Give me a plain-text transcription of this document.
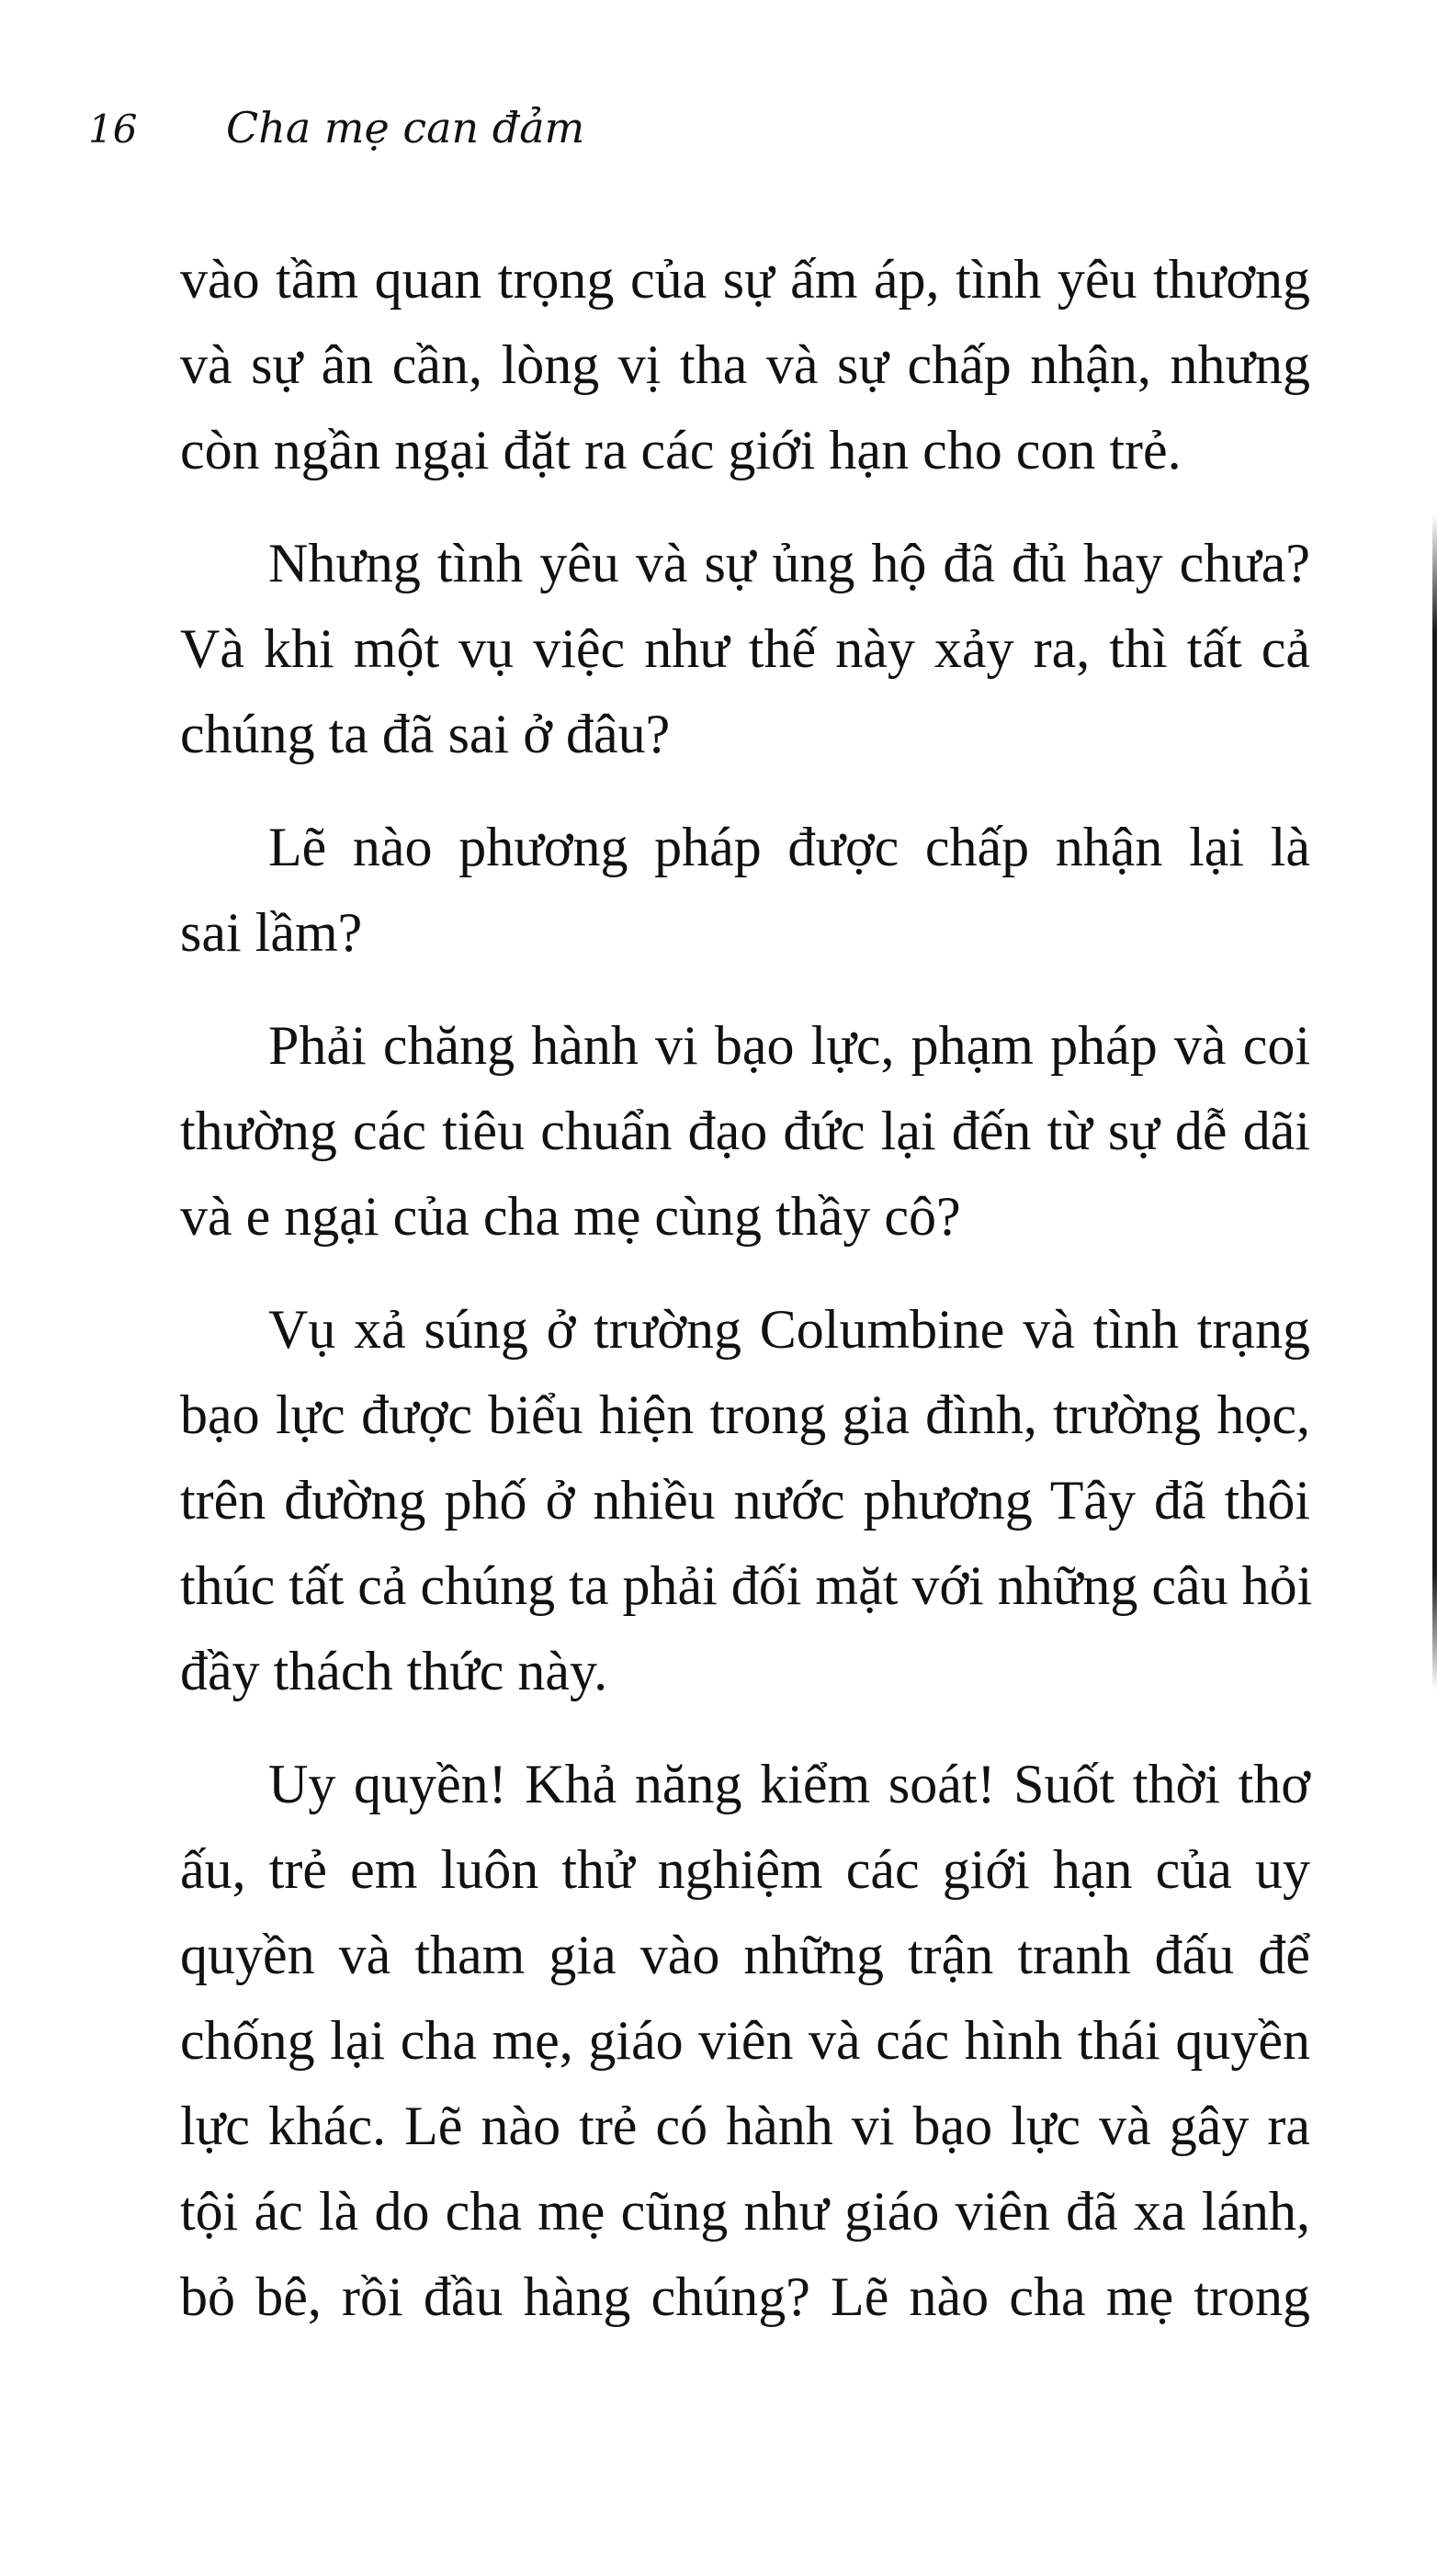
16	Cha mẹ can đảm
vào tầm quan trọng của sự ấm áp, tình yêu thương
và sự ân cần, lòng vị tha và sự chấp nhận, nhưng
còn ngần ngại đặt ra các giới hạn cho con trẻ.
Nhưng tình yêu và sự ủng hộ đã đủ hay chưa?
Và khi một vụ việc như thế này xảy ra, thì tất cả
chúng ta đã sai ở đâu?
Lẽ nào phương pháp được chấp nhận lại là
sai lầm?
Phải chăng hành vi bạo lực, phạm pháp và coi
thường các tiêu chuẩn đạo đức lại đến từ sự dễ dãi
và e ngại của cha mẹ cùng thầy cô?
Vụ xả súng ở trường Columbine và tình trạng
bạo lực được biểu hiện trong gia đình, trường học,
trên đường phố ở nhiều nước phương Tây đã thôi
thúc tất cả chúng ta phải đối mặt với những câu hỏi
đầy thách thức này.
Uy quyền! Khả năng kiểm soát! Suốt thời thơ
ấu, trẻ em luôn thử nghiệm các giới hạn của uy
quyền và tham gia vào những trận tranh đấu để
chống lại cha mẹ, giáo viên và các hình thái quyền
lực khác. Lẽ nào trẻ có hành vi bạo lực và gây ra
tội ác là do cha mẹ cũng như giáo viên đã xa lánh,
bỏ bê, rồi đầu hàng chúng? Lẽ nào cha mẹ trong
